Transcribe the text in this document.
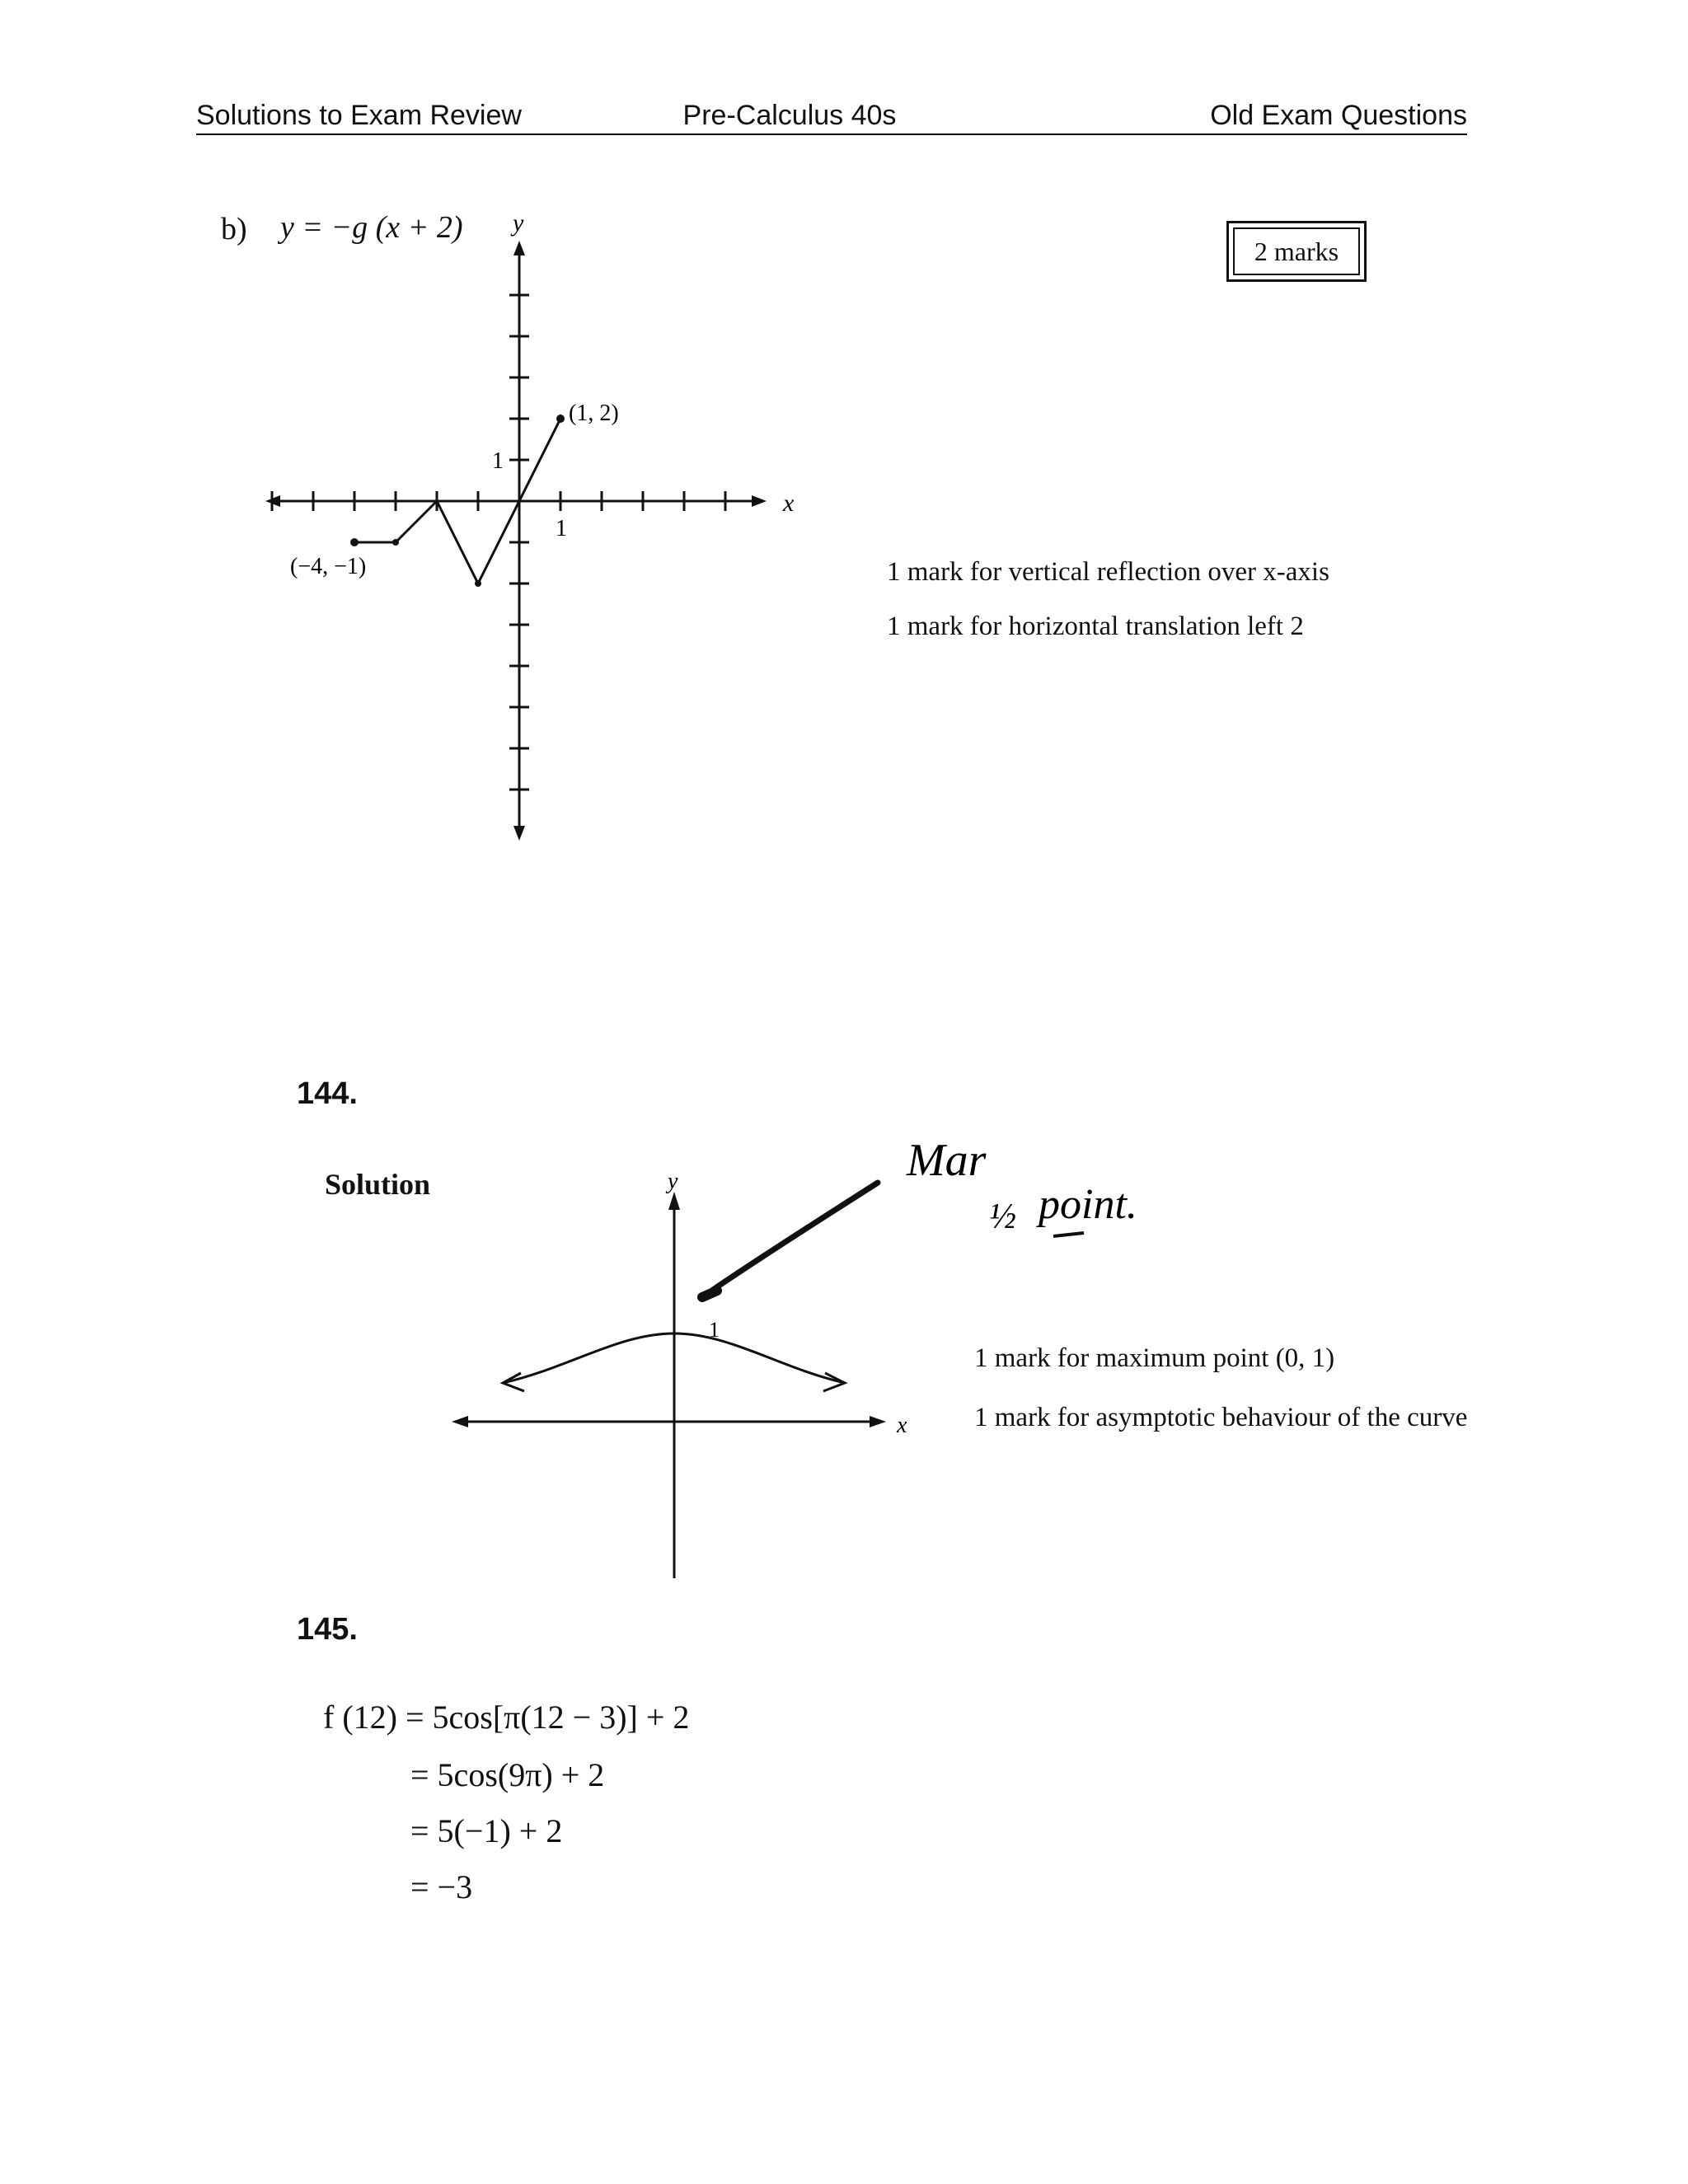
Solutions to Exam Review	Pre-Calculus 40s	Old Exam Questions
b) y = −g (x + 2)
2 marks
x
y
1
1
(1, 2)
(−4, −1)	1 mark for vertical reflection over x-axis
1 mark for horizontal translation left 2
144.
Solution
x
y
1
Mar
½ point.
1 mark for maximum point (0, 1)
1 mark for asymptotic behaviour of the curve
145.
f (12) = 5cos[π(12 − 3)] + 2
= 5cos(9π) + 2
= 5(−1) + 2
= −3
